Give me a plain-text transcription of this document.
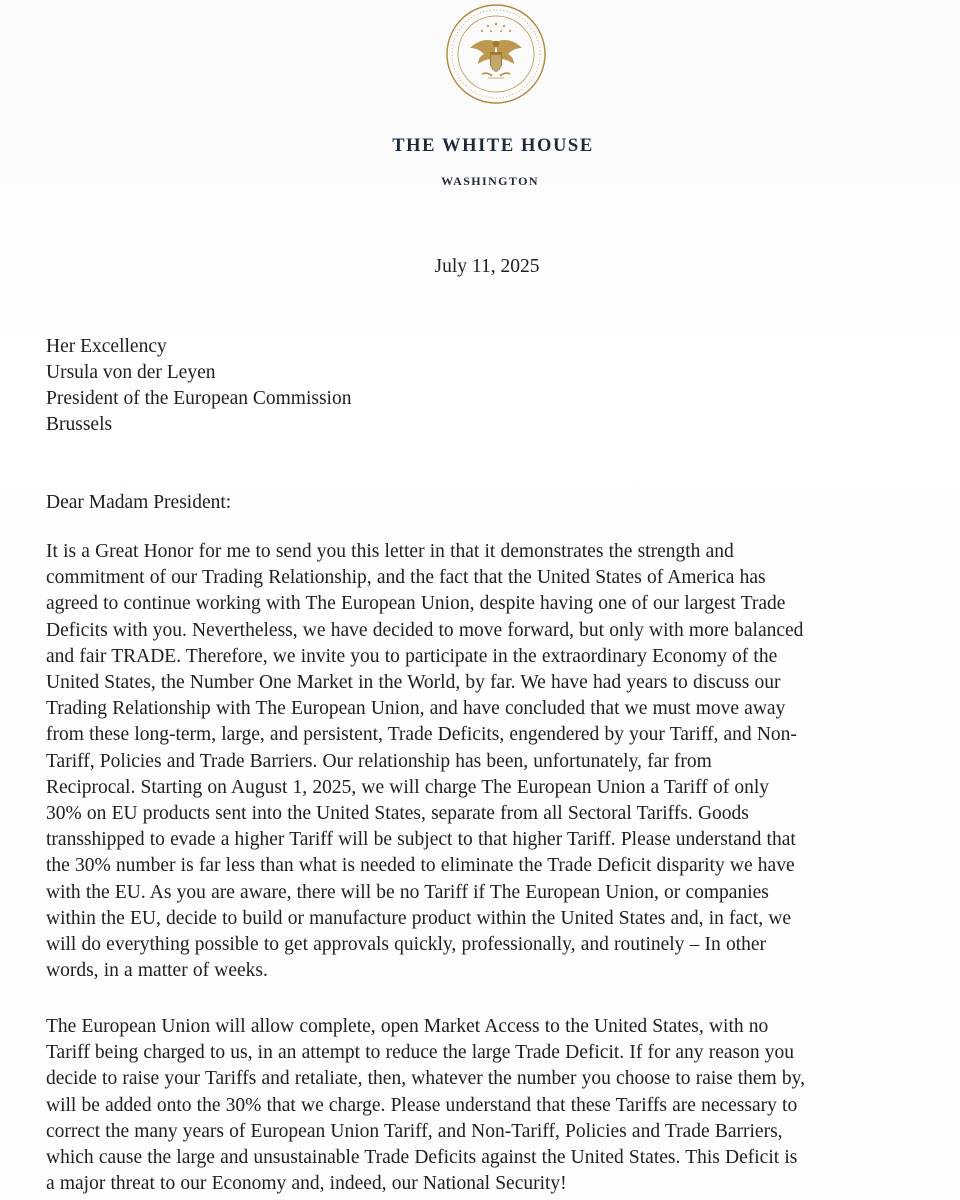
THE WHITE HOUSE
WASHINGTON
July 11, 2025
Her Excellency
Ursula von der Leyen
President of the European Commission
Brussels
Dear Madam President:
It is a Great Honor for me to send you this letter in that it demonstrates the strength and
commitment of our Trading Relationship, and the fact that the United States of America has
agreed to continue working with The European Union, despite having one of our largest Trade
Deficits with you. Nevertheless, we have decided to move forward, but only with more balanced
and fair TRADE. Therefore, we invite you to participate in the extraordinary Economy of the
United States, the Number One Market in the World, by far. We have had years to discuss our
Trading Relationship with The European Union, and have concluded that we must move away
from these long-term, large, and persistent, Trade Deficits, engendered by your Tariff, and Non-
Tariff, Policies and Trade Barriers. Our relationship has been, unfortunately, far from
Reciprocal. Starting on August 1, 2025, we will charge The European Union a Tariff of only
30% on EU products sent into the United States, separate from all Sectoral Tariffs. Goods
transshipped to evade a higher Tariff will be subject to that higher Tariff. Please understand that
the 30% number is far less than what is needed to eliminate the Trade Deficit disparity we have
with the EU. As you are aware, there will be no Tariff if The European Union, or companies
within the EU, decide to build or manufacture product within the United States and, in fact, we
will do everything possible to get approvals quickly, professionally, and routinely – In other
words, in a matter of weeks.
The European Union will allow complete, open Market Access to the United States, with no
Tariff being charged to us, in an attempt to reduce the large Trade Deficit. If for any reason you
decide to raise your Tariffs and retaliate, then, whatever the number you choose to raise them by,
will be added onto the 30% that we charge. Please understand that these Tariffs are necessary to
correct the many years of European Union Tariff, and Non-Tariff, Policies and Trade Barriers,
which cause the large and unsustainable Trade Deficits against the United States. This Deficit is
a major threat to our Economy and, indeed, our National Security!
